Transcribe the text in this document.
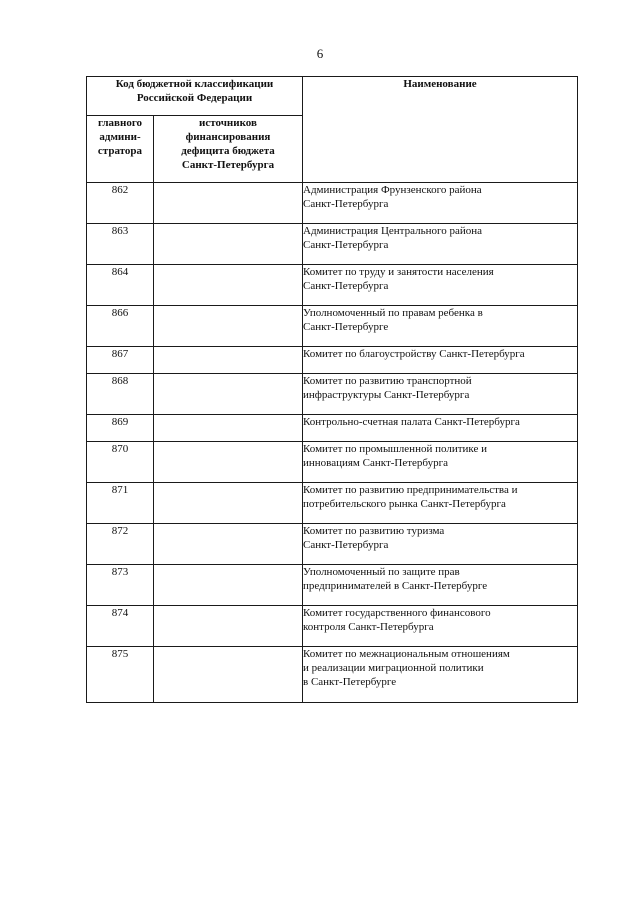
6
Код бюджетной классификации
Российской Федерации		Наименование
главного
админи-
стратора	источников
финансирования
дефицита бюджета
Санкт-Петербурга	
862		Администрация Фрунзенского района
Санкт-Петербурга
863		Администрация Центрального района
Санкт-Петербурга
864		Комитет по труду и занятости населения
Санкт-Петербурга
866		Уполномоченный по правам ребенка в
Санкт-Петербурге
867		Комитет по благоустройству Санкт-Петербурга
868		Комитет по развитию транспортной
инфраструктуры Санкт-Петербурга
869		Контрольно-счетная палата Санкт-Петербурга
870		Комитет по промышленной политике и
инновациям Санкт-Петербурга
871		Комитет по развитию предпринимательства и
потребительского рынка Санкт-Петербурга
872		Комитет по развитию туризма
Санкт-Петербурга
873		Уполномоченный по защите прав
предпринимателей в Санкт-Петербурге
874		Комитет государственного финансового
контроля Санкт-Петербурга
875		Комитет по межнациональным отношениям
и реализации миграционной политики
в Санкт-Петербурге
